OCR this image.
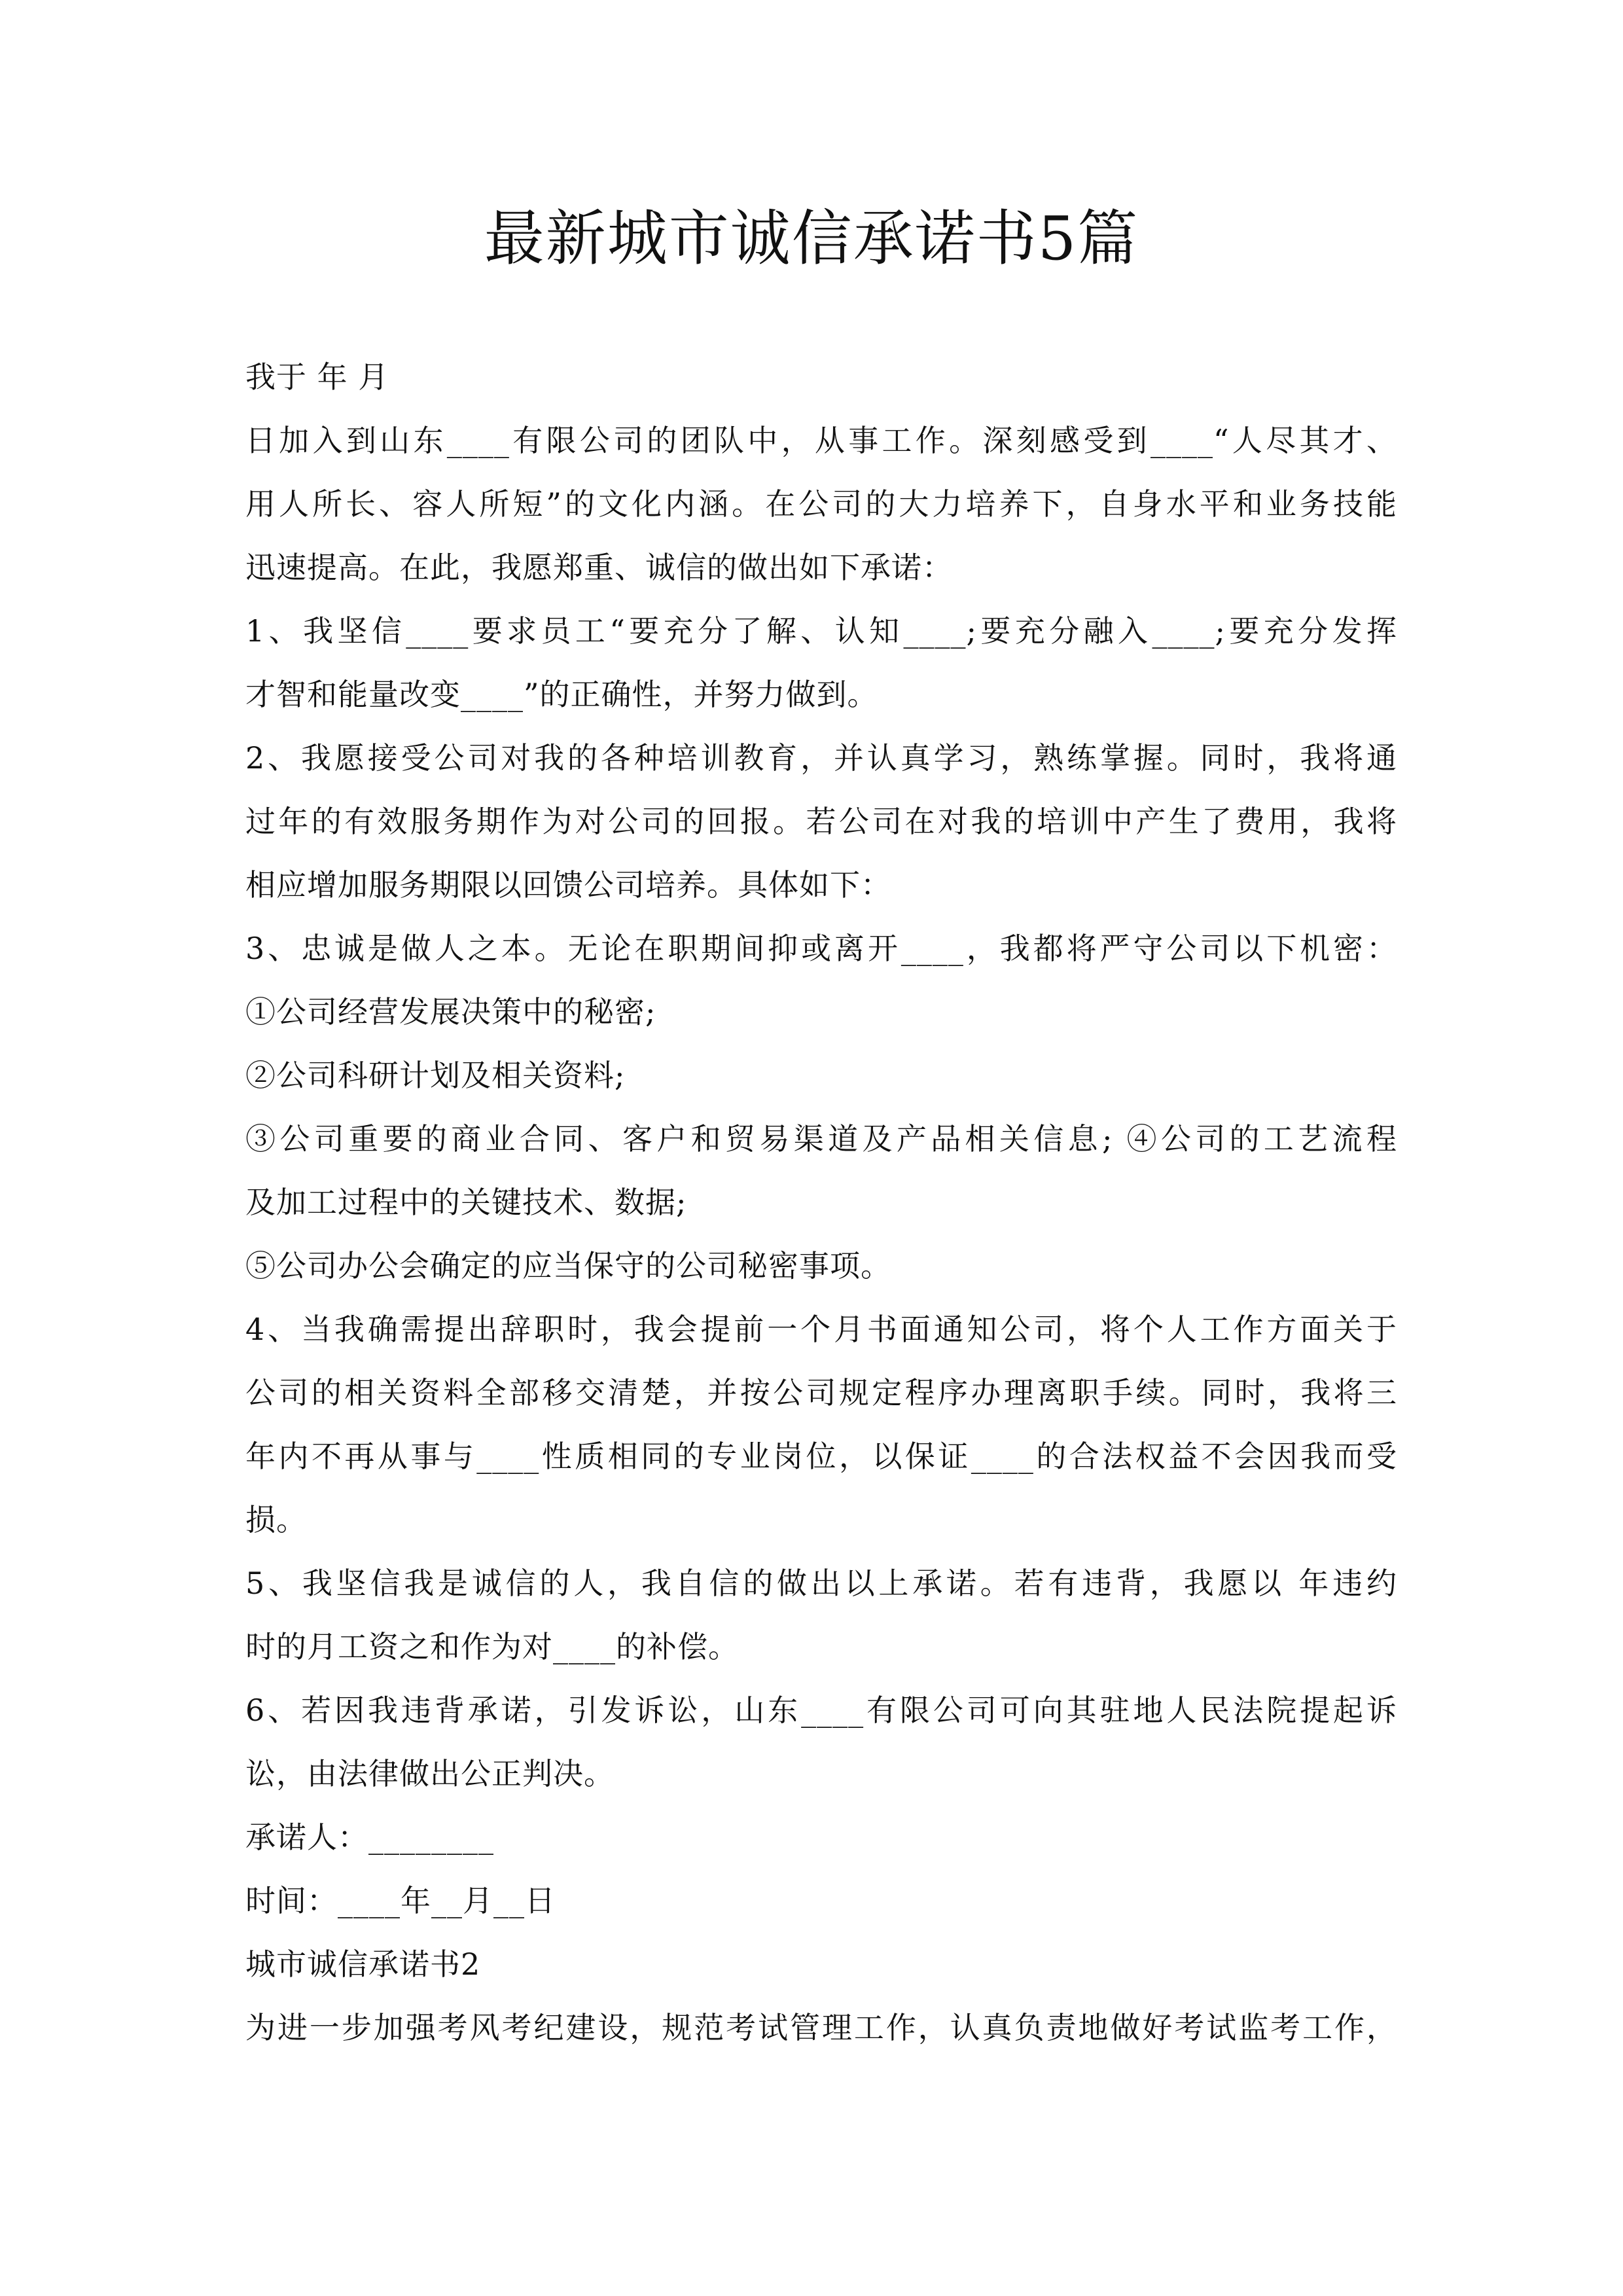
最新城市诚信承诺书5篇
我于 年 月
日加入到山东____有限公司的团队中，从事工作。深刻感受到____“人尽其才、
用人所长、容人所短”的文化内涵。在公司的大力培养下，自身水平和业务技能
迅速提高。在此，我愿郑重、诚信的做出如下承诺：
1、我坚信____要求员工“要充分了解、认知____;要充分融入____;要充分发挥
才智和能量改变____”的正确性，并努力做到。
2、我愿接受公司对我的各种培训教育，并认真学习，熟练掌握。同时，我将通
过年的有效服务期作为对公司的回报。若公司在对我的培训中产生了费用，我将
相应增加服务期限以回馈公司培养。具体如下：
3、忠诚是做人之本。无论在职期间抑或离开____，我都将严守公司以下机密：
①公司经营发展决策中的秘密;
②公司科研计划及相关资料;
③公司重要的商业合同、客户和贸易渠道及产品相关信息; ④公司的工艺流程
及加工过程中的关键技术、数据;
⑤公司办公会确定的应当保守的公司秘密事项。
4、当我确需提出辞职时，我会提前一个月书面通知公司，将个人工作方面关于
公司的相关资料全部移交清楚，并按公司规定程序办理离职手续。同时，我将三
年内不再从事与____性质相同的专业岗位，以保证____的合法权益不会因我而受
损。
5、我坚信我是诚信的人，我自信的做出以上承诺。若有违背，我愿以 年违约
时的月工资之和作为对____的补偿。
6、若因我违背承诺，引发诉讼，山东____有限公司可向其驻地人民法院提起诉
讼，由法律做出公正判决。
承诺人：________
时间：____年__月__日
城市诚信承诺书2
为进一步加强考风考纪建设，规范考试管理工作，认真负责地做好考试监考工作，
